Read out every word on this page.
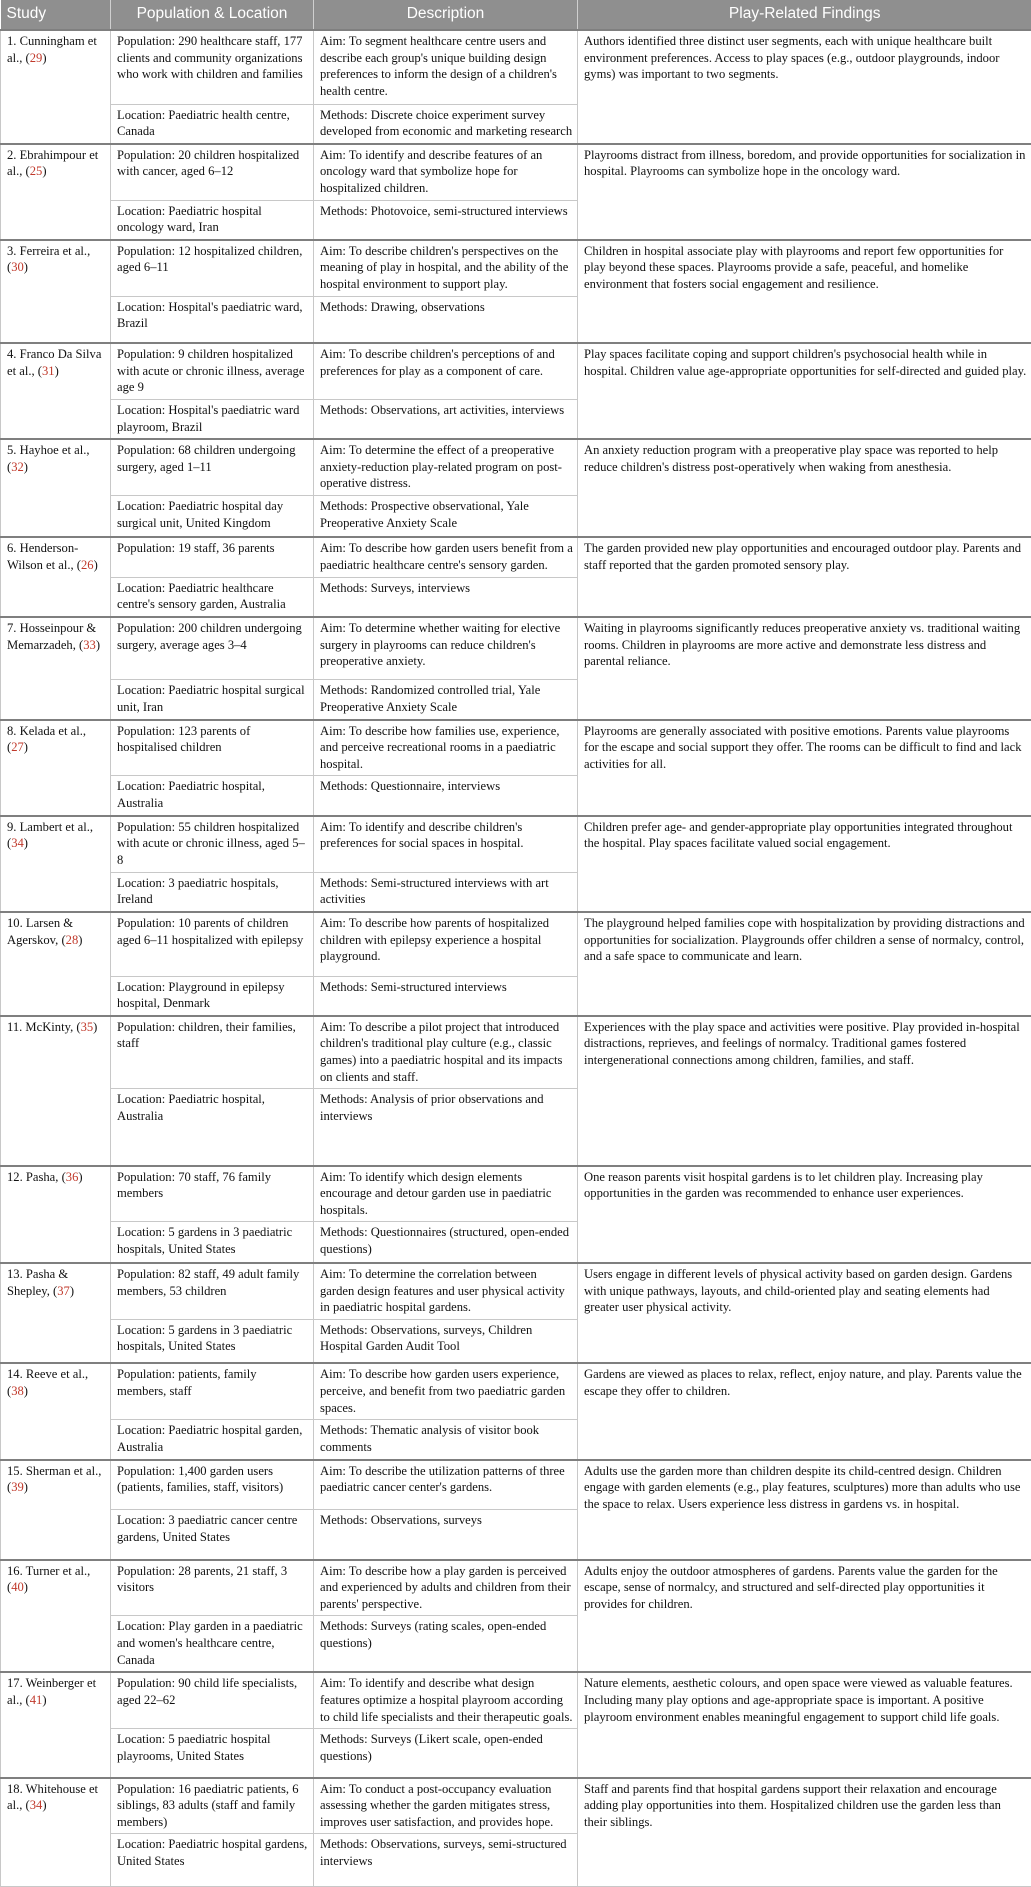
Study	Population & Location	Description	Play-Related Findings
1. Cunningham et al., (29)	Population: 290 healthcare staff, 177 clients and community organizations who work with children and families	Aim: To segment healthcare centre users and describe each group's unique building design preferences to inform the design of a children's health centre.	Authors identified three distinct user segments, each with unique healthcare built environment preferences. Access to play spaces (e.g., outdoor playgrounds, indoor gyms) was important to two segments.
	Location: Paediatric health centre, Canada	Methods: Discrete choice experiment survey developed from economic and marketing research	
2. Ebrahimpour et al., (25)	Population: 20 children hospitalized with cancer, aged 6–12	Aim: To identify and describe features of an oncology ward that symbolize hope for hospitalized children.	Playrooms distract from illness, boredom, and provide opportunities for socialization in hospital. Playrooms can symbolize hope in the oncology ward.
	Location: Paediatric hospital oncology ward, Iran	Methods: Photovoice, semi-structured interviews	
3. Ferreira et al., (30)	Population: 12 hospitalized children, aged 6–11	Aim: To describe children's perspectives on the meaning of play in hospital, and the ability of the hospital environment to support play.	Children in hospital associate play with playrooms and report few opportunities for play beyond these spaces. Playrooms provide a safe, peaceful, and homelike environment that fosters social engagement and resilience.
	Location: Hospital's paediatric ward, Brazil	Methods: Drawing, observations	
4. Franco Da Silva et al., (31)	Population: 9 children hospitalized with acute or chronic illness, average age 9	Aim: To describe children's perceptions of and preferences for play as a component of care.	Play spaces facilitate coping and support children's psychosocial health while in hospital. Children value age-appropriate opportunities for self-directed and guided play.
	Location: Hospital's paediatric ward playroom, Brazil	Methods: Observations, art activities, interviews	
5. Hayhoe et al., (32)	Population: 68 children undergoing surgery, aged 1–11	Aim: To determine the effect of a preoperative anxiety-reduction play-related program on post-operative distress.	An anxiety reduction program with a preoperative play space was reported to help reduce children's distress post-operatively when waking from anesthesia.
	Location: Paediatric hospital day surgical unit, United Kingdom	Methods: Prospective observational, Yale Preoperative Anxiety Scale	
6. Henderson-Wilson et al., (26)	Population: 19 staff, 36 parents	Aim: To describe how garden users benefit from a paediatric healthcare centre's sensory garden.	The garden provided new play opportunities and encouraged outdoor play. Parents and staff reported that the garden promoted sensory play.
	Location: Paediatric healthcare centre's sensory garden, Australia	Methods: Surveys, interviews	
7. Hosseinpour & Memarzadeh, (33)	Population: 200 children undergoing surgery, average ages 3–4	Aim: To determine whether waiting for elective surgery in playrooms can reduce children's preoperative anxiety.	Waiting in playrooms significantly reduces preoperative anxiety vs. traditional waiting rooms. Children in playrooms are more active and demonstrate less distress and parental reliance.
	Location: Paediatric hospital surgical unit, Iran	Methods: Randomized controlled trial, Yale Preoperative Anxiety Scale	
8. Kelada et al., (27)	Population: 123 parents of hospitalised children	Aim: To describe how families use, experience, and perceive recreational rooms in a paediatric hospital.	Playrooms are generally associated with positive emotions. Parents value playrooms for the escape and social support they offer. The rooms can be difficult to find and lack activities for all.
	Location: Paediatric hospital, Australia	Methods: Questionnaire, interviews	
9. Lambert et al., (34)	Population: 55 children hospitalized with acute or chronic illness, aged 5–8	Aim: To identify and describe children's preferences for social spaces in hospital.	Children prefer age- and gender-appropriate play opportunities integrated throughout the hospital. Play spaces facilitate valued social engagement.
	Location: 3 paediatric hospitals, Ireland	Methods: Semi-structured interviews with art activities	
10. Larsen & Agerskov, (28)	Population: 10 parents of children aged 6–11 hospitalized with epilepsy	Aim: To describe how parents of hospitalized children with epilepsy experience a hospital playground.	The playground helped families cope with hospitalization by providing distractions and opportunities for socialization. Playgrounds offer children a sense of normalcy, control, and a safe space to communicate and learn.
	Location: Playground in epilepsy hospital, Denmark	Methods: Semi-structured interviews	
11. McKinty, (35)	Population: children, their families, staff	Aim: To describe a pilot project that introduced children's traditional play culture (e.g., classic games) into a paediatric hospital and its impacts on clients and staff.	Experiences with the play space and activities were positive. Play provided in-hospital distractions, reprieves, and feelings of normalcy. Traditional games fostered intergenerational connections among children, families, and staff.
	Location: Paediatric hospital, Australia	Methods: Analysis of prior observations and interviews	
12. Pasha, (36)	Population: 70 staff, 76 family members	Aim: To identify which design elements encourage and detour garden use in paediatric hospitals.	One reason parents visit hospital gardens is to let children play. Increasing play opportunities in the garden was recommended to enhance user experiences.
	Location: 5 gardens in 3 paediatric hospitals, United States	Methods: Questionnaires (structured, open-ended questions)	
13. Pasha & Shepley, (37)	Population: 82 staff, 49 adult family members, 53 children	Aim: To determine the correlation between garden design features and user physical activity in paediatric hospital gardens.	Users engage in different levels of physical activity based on garden design. Gardens with unique pathways, layouts, and child-oriented play and seating elements had greater user physical activity.
	Location: 5 gardens in 3 paediatric hospitals, United States	Methods: Observations, surveys, Children Hospital Garden Audit Tool	
14. Reeve et al., (38)	Population: patients, family members, staff	Aim: To describe how garden users experience, perceive, and benefit from two paediatric garden spaces.	Gardens are viewed as places to relax, reflect, enjoy nature, and play. Parents value the escape they offer to children.
	Location: Paediatric hospital garden, Australia	Methods: Thematic analysis of visitor book comments	
15. Sherman et al., (39)	Population: 1,400 garden users (patients, families, staff, visitors)	Aim: To describe the utilization patterns of three paediatric cancer center's gardens.	Adults use the garden more than children despite its child-centred design. Children engage with garden elements (e.g., play features, sculptures) more than adults who use the space to relax. Users experience less distress in gardens vs. in hospital.
	Location: 3 paediatric cancer centre gardens, United States	Methods: Observations, surveys	
16. Turner et al., (40)	Population: 28 parents, 21 staff, 3 visitors	Aim: To describe how a play garden is perceived and experienced by adults and children from their parents' perspective.	Adults enjoy the outdoor atmospheres of gardens. Parents value the garden for the escape, sense of normalcy, and structured and self-directed play opportunities it provides for children.
	Location: Play garden in a paediatric and women's healthcare centre, Canada	Methods: Surveys (rating scales, open-ended questions)	
17. Weinberger et al., (41)	Population: 90 child life specialists, aged 22–62	Aim: To identify and describe what design features optimize a hospital playroom according to child life specialists and their therapeutic goals.	Nature elements, aesthetic colours, and open space were viewed as valuable features. Including many play options and age-appropriate space is important. A positive playroom environment enables meaningful engagement to support child life goals.
	Location: 5 paediatric hospital playrooms, United States	Methods: Surveys (Likert scale, open-ended questions)	
18. Whitehouse et al., (34)	Population: 16 paediatric patients, 6 siblings, 83 adults (staff and family members)	Aim: To conduct a post-occupancy evaluation assessing whether the garden mitigates stress, improves user satisfaction, and provides hope.	Staff and parents find that hospital gardens support their relaxation and encourage adding play opportunities into them. Hospitalized children use the garden less than their siblings.
	Location: Paediatric hospital gardens, United States	Methods: Observations, surveys, semi-structured interviews	
